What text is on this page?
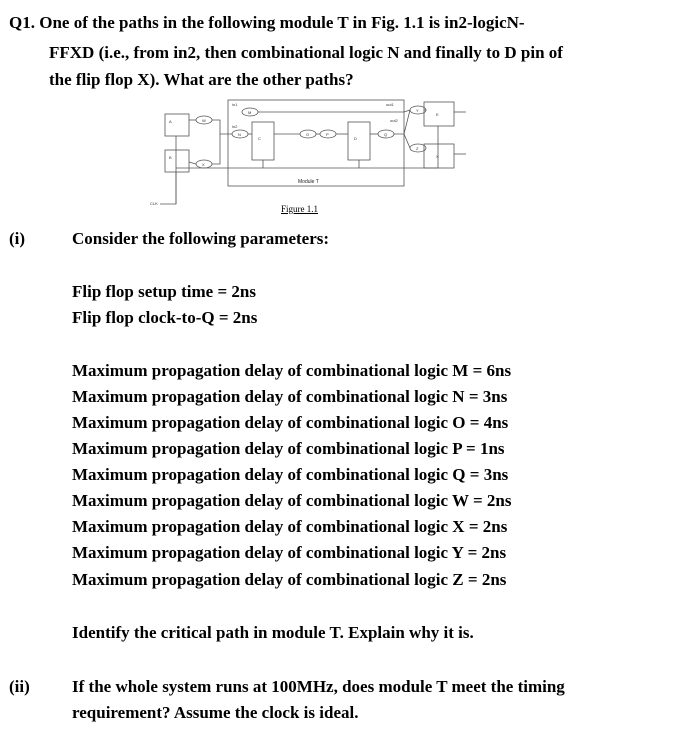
Q1. One of the paths in the following module T in Fig. 1.1 is in2-logicN-
FFXD (i.e., from in2, then combinational logic N and finally to D pin of
the flip flop X). What are the other paths?
A
B
C	D
E
X
W
M
N	O	P	Q
X
Y
Z
out1
out2
in1
in2
CLK
Module T
Figure 1.1
(i)	Consider the following parameters:
Flip flop setup time = 2ns
Flip flop clock-to-Q = 2ns
Maximum propagation delay of combinational logic M = 6ns
Maximum propagation delay of combinational logic N = 3ns
Maximum propagation delay of combinational logic O = 4ns
Maximum propagation delay of combinational logic P = 1ns
Maximum propagation delay of combinational logic Q = 3ns
Maximum propagation delay of combinational logic W = 2ns
Maximum propagation delay of combinational logic X = 2ns
Maximum propagation delay of combinational logic Y = 2ns
Maximum propagation delay of combinational logic Z = 2ns
Identify the critical path in module T. Explain why it is.
(ii) If the whole system runs at 100MHz, does module T meet the timing
requirement? Assume the clock is ideal.
